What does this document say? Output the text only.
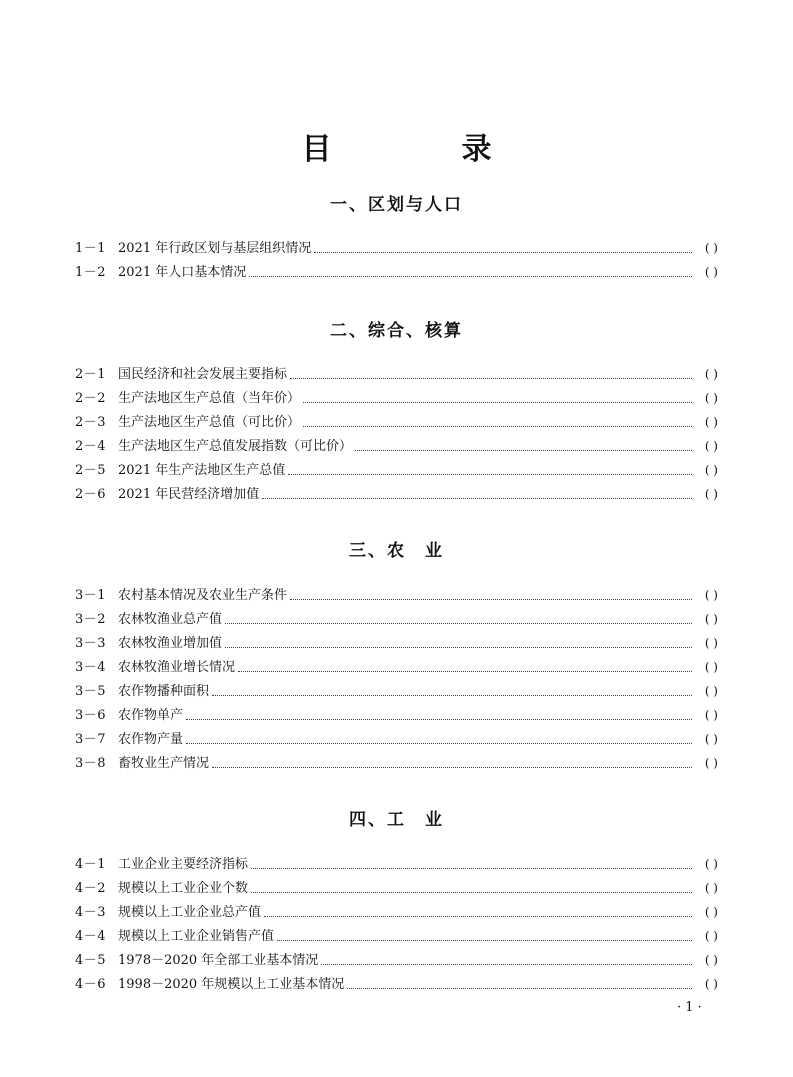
目　录
一、区划与人口
1－1 2021 年行政区划与基层组织情况	( )
1－2 2021 年人口基本情况	( )
二、综合、核算
2－1 国民经济和社会发展主要指标	( )
2－2 生产法地区生产总值（当年价）	( )
2－3 生产法地区生产总值（可比价）	( )
2－4 生产法地区生产总值发展指数（可比价）	( )
2－5 2021 年生产法地区生产总值	( )
2－6 2021 年民营经济增加值	( )
三、农　业
3－1 农村基本情况及农业生产条件	( )
3－2 农林牧渔业总产值	( )
3－3 农林牧渔业增加值	( )
3－4 农林牧渔业增长情况	( )
3－5 农作物播种面积	( )
3－6 农作物单产	( )
3－7 农作物产量	( )
3－8 畜牧业生产情况	( )
四、工　业
4－1 工业企业主要经济指标	( )
4－2 规模以上工业企业个数	( )
4－3 规模以上工业企业总产值	( )
4－4 规模以上工业企业销售产值	( )
4－5 1978－2020 年全部工业基本情况	( )
4－6 1998－2020 年规模以上工业基本情况	( )
· 1 ·
